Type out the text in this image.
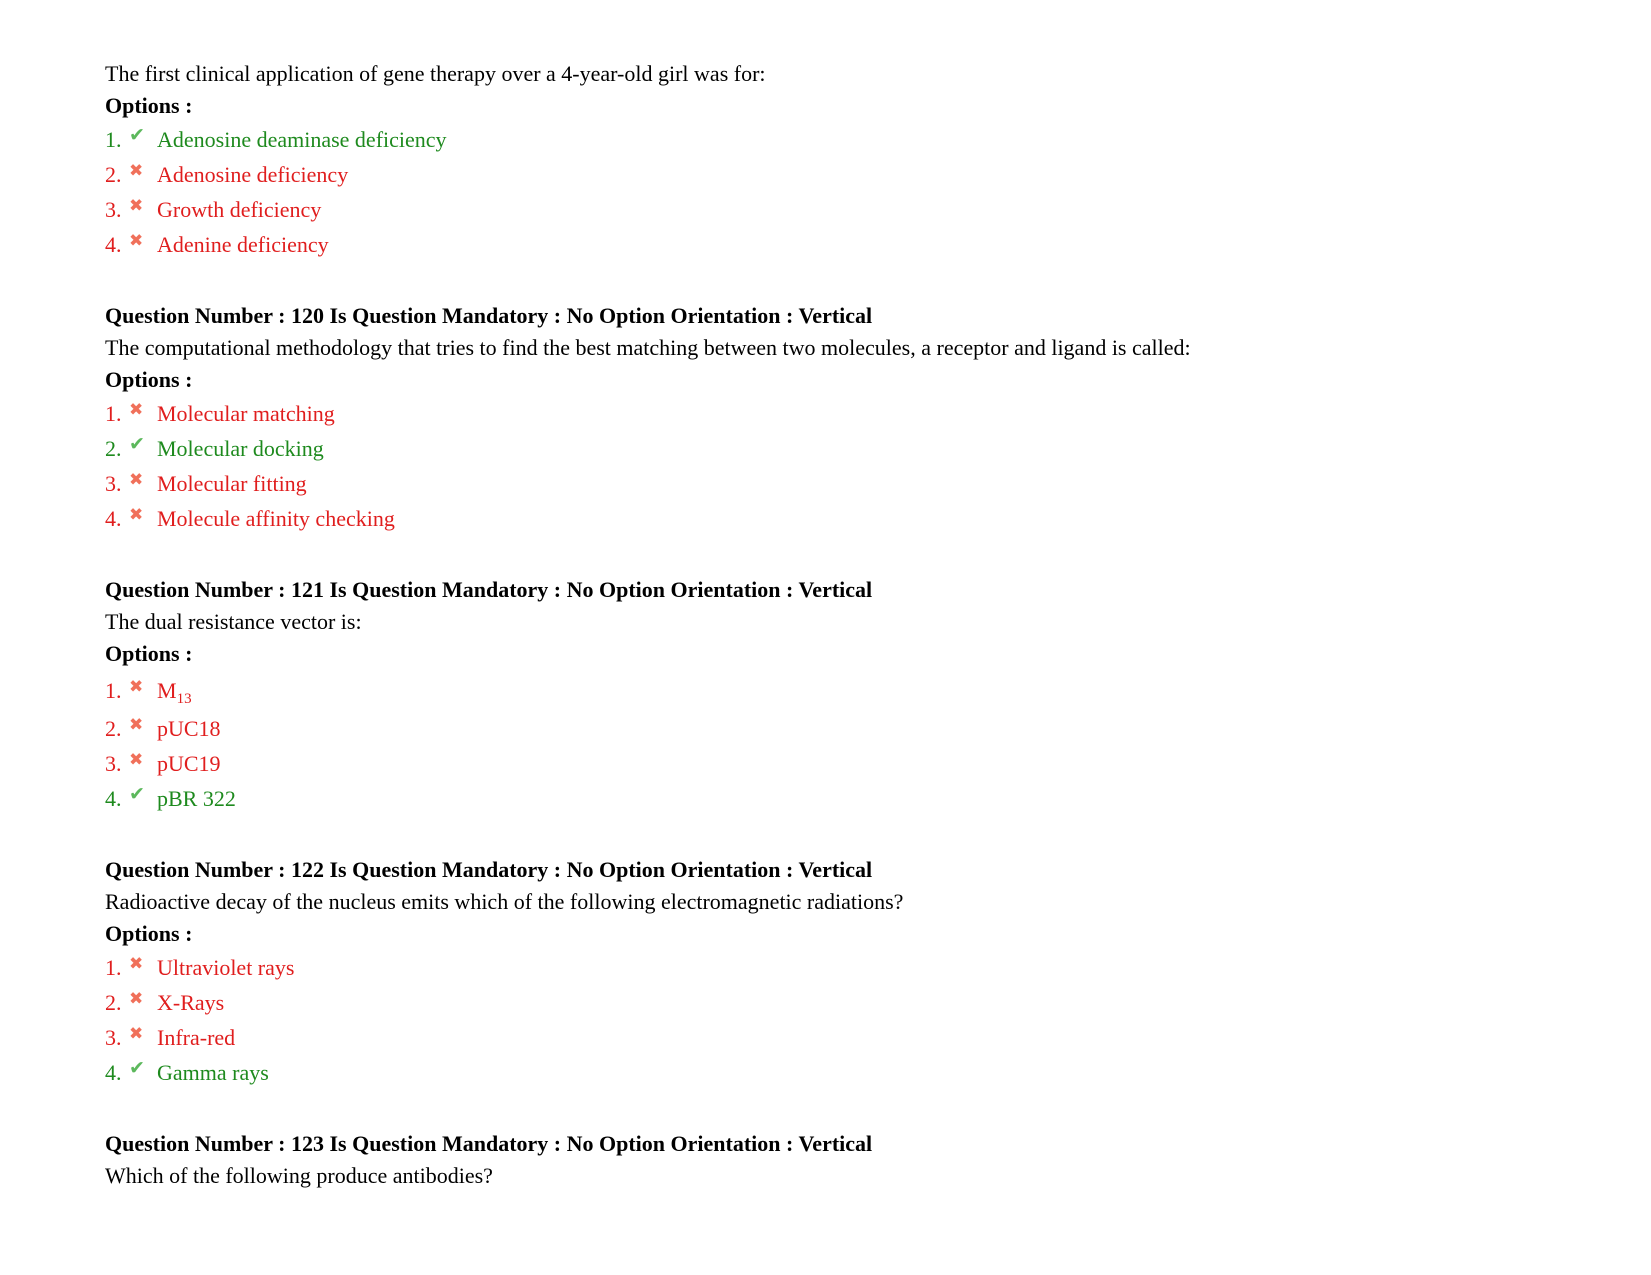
The first clinical application of gene therapy over a 4-year-old girl was for:
Options :
1. ✔ Adenosine deaminase deficiency
2. ✖ Adenosine deficiency
3. ✖ Growth deficiency
4. ✖ Adenine deficiency
Question Number : 120 Is Question Mandatory : No Option Orientation : Vertical
The computational methodology that tries to find the best matching between two molecules, a receptor and ligand is called:
Options :
1. ✖ Molecular matching
2. ✔ Molecular docking
3. ✖ Molecular fitting
4. ✖ Molecule affinity checking
Question Number : 121 Is Question Mandatory : No Option Orientation : Vertical
The dual resistance vector is:
Options :
1. ✖ $M_{13}$
2. ✖ pUC18
3. ✖ pUC19
4. ✔ pBR 322
Question Number : 122 Is Question Mandatory : No Option Orientation : Vertical
Radioactive decay of the nucleus emits which of the following electromagnetic radiations?
Options :
1. ✖ Ultraviolet rays
2. ✖ X-Rays
3. ✖ Infra-red
4. ✔ Gamma rays
Question Number : 123 Is Question Mandatory : No Option Orientation : Vertical
Which of the following produce antibodies?
